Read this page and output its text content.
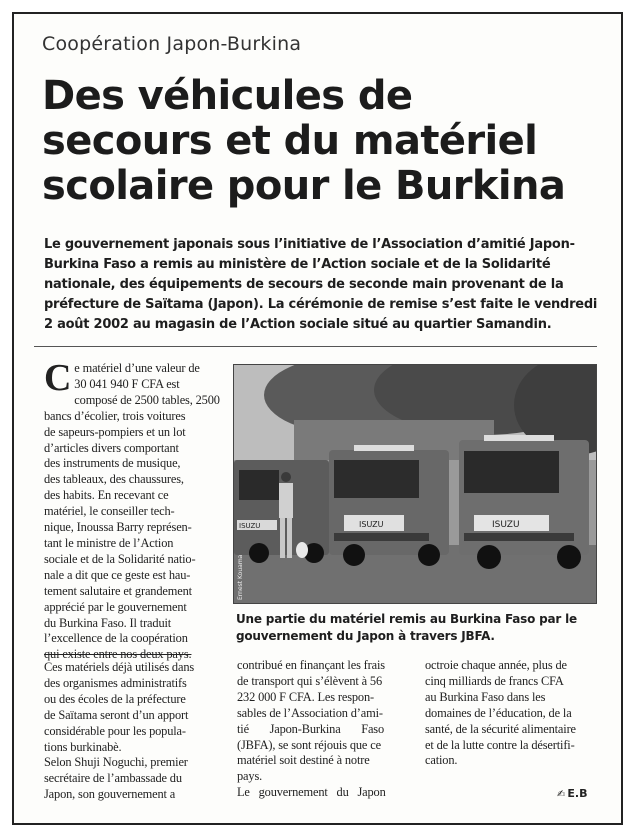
Coopération Japon-Burkina
Des véhicules de
secours et du matériel
scolaire pour le Burkina

Le gouvernement japonais sous l’initiative de l’Association d’amitié Japon-
Burkina Faso a remis au ministère de l’Action sociale et de la Solidarité
nationale, des équipements de secours de seconde main provenant de la
préfecture de Saïtama (Japon). La cérémonie de remise s’est faite le vendredi
2 août 2002 au magasin de l’Action sociale situé au quartier Samandin.

C e matériel d’une valeur de
30 041 940 F CFA est
composé de 2500 tables, 2500
bancs d’écolier, trois voitures
de sapeurs-pompiers et un lot
d’articles divers comportant
des instruments de musique,
des tableaux, des chaussures,
des habits. En recevant ce
matériel, le conseiller tech-
nique, Inoussa Barry représen-
tant le ministre de l’Action
sociale et de la Solidarité natio-
nale a dit que ce geste est hau-
tement salutaire et grandement
apprécié par le gouvernement
du Burkina Faso. Il traduit
l’excellence de la coopération
qui existe entre nos deux pays.
Ces matériels déjà utilisés dans
des organismes administratifs
ou des écoles de la préfecture
de Saïtama seront d’un apport
considérable pour les popula-
tions burkinabè.
Selon Shuji Noguchi, premier
secrétaire de l’ambassade du
Japon, son gouvernement a
ISUZU	ISUZU	ISUZU
Ernest Kouama

Une partie du matériel remis au Burkina Faso par le
gouvernement du Japon à travers JBFA.

contribué en finançant les frais
de transport qui s’élèvent à 56
232 000 F CFA. Les respon-
sables de l’Association d’ami-
tié       Japon-Burkina       Faso
(JBFA), se sont réjouis que ce
matériel soit destiné à notre
pays.
Le   gouvernement   du   Japon
octroie chaque année, plus de
cinq milliards de francs CFA
au Burkina Faso dans les
domaines de l’éducation, de la
santé, de la sécurité alimentaire
et de la lutte contre la désertifi-
cation.
✍ E.B
